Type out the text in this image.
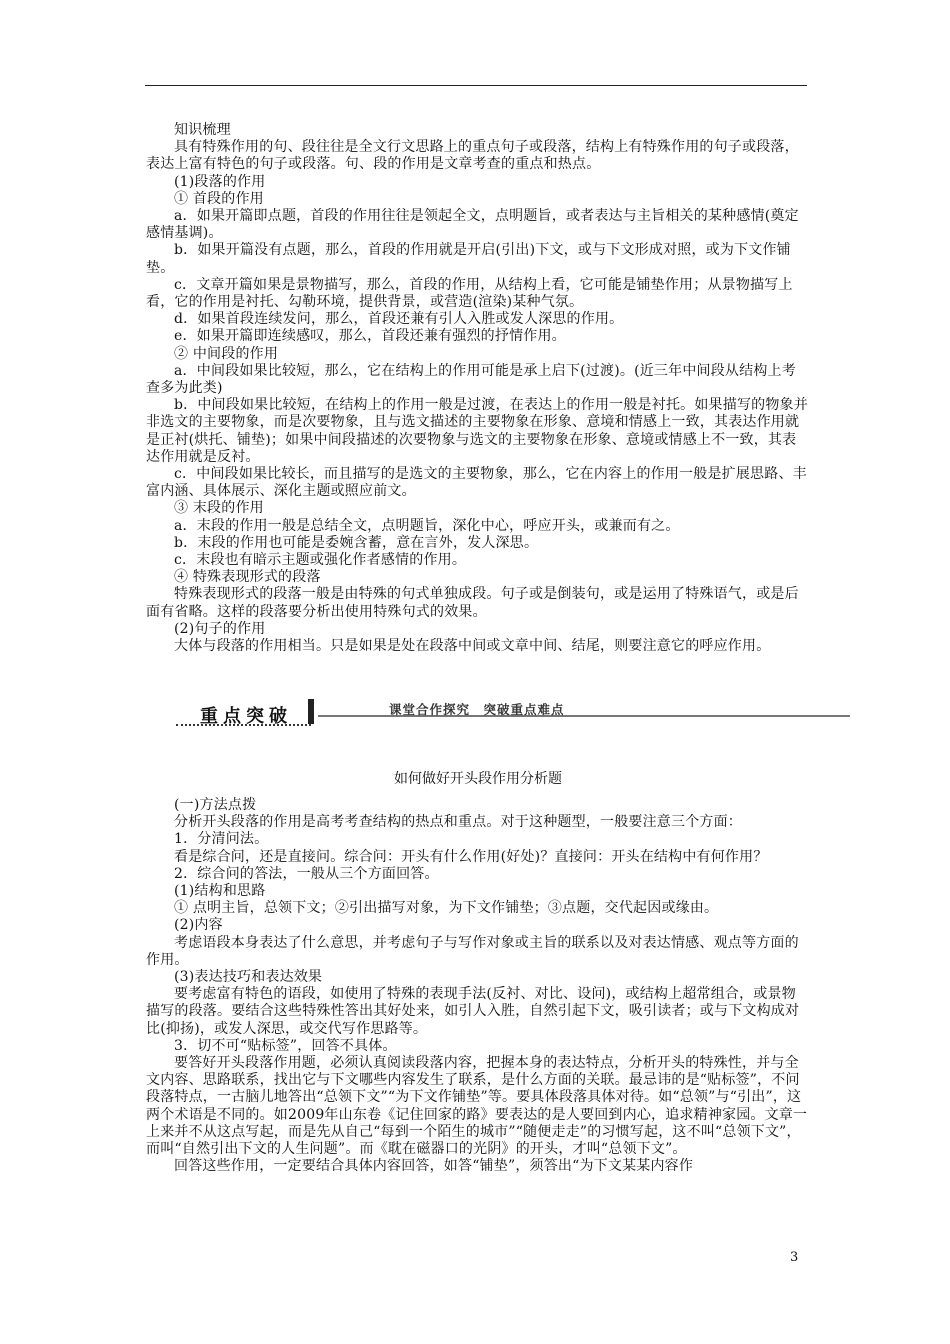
知识梳理

具有特殊作用的句、段往往是全文行文思路上的重点句子或段落，结构上有特殊作用的句子或段落，表达上富有特色的句子或段落。句、段的作用是文章考查的重点和热点。

(1)段落的作用

① 首段的作用

a．如果开篇即点题，首段的作用往往是领起全文，点明题旨，或者表达与主旨相关的某种感情(奠定感情基调)。

b．如果开篇没有点题，那么，首段的作用就是开启(引出)下文，或与下文形成对照，或为下文作铺垫。

c．文章开篇如果是景物描写，那么，首段的作用，从结构上看，它可能是铺垫作用；从景物描写上看，它的作用是衬托、勾勒环境，提供背景，或营造(渲染)某种气氛。

d．如果首段连续发问，那么，首段还兼有引人入胜或发人深思的作用。

e．如果开篇即连续感叹，那么，首段还兼有强烈的抒情作用。

② 中间段的作用

a．中间段如果比较短，那么，它在结构上的作用可能是承上启下(过渡)。(近三年中间段从结构上考查多为此类)

b．中间段如果比较短，在结构上的作用一般是过渡，在表达上的作用一般是衬托。如果描写的物象并非选文的主要物象，而是次要物象，且与选文描述的主要物象在形象、意境和情感上一致，其表达作用就是正衬(烘托、铺垫)；如果中间段描述的次要物象与选文的主要物象在形象、意境或情感上不一致，其表达作用就是反衬。

c．中间段如果比较长，而且描写的是选文的主要物象，那么，它在内容上的作用一般是扩展思路、丰富内涵、具体展示、深化主题或照应前文。

③ 末段的作用

a．末段的作用一般是总结全文，点明题旨，深化中心，呼应开头，或兼而有之。

b．末段的作用也可能是委婉含蓄，意在言外，发人深思。

c．末段也有暗示主题或强化作者感情的作用。

④ 特殊表现形式的段落

特殊表现形式的段落一般是由特殊的句式单独成段。句子或是倒装句，或是运用了特殊语气，或是后面有省略。这样的段落要分析出使用特殊句式的效果。

(2)句子的作用

大体与段落的作用相当。只是如果是处在段落中间或文章中间、结尾，则要注意它的呼应作用。

重点突破	课堂合作探究　突破重点难点
如何做好开头段作用分析题

(一)方法点拨

分析开头段落的作用是高考考查结构的热点和重点。对于这种题型，一般要注意三个方面：

1．分清问法。

看是综合问，还是直接问。综合问：开头有什么作用(好处)？直接问：开头在结构中有何作用？

2．综合问的答法，一般从三个方面回答。

(1)结构和思路

① 点明主旨，总领下文；②引出描写对象，为下文作铺垫；③点题，交代起因或缘由。

(2)内容

考虑语段本身表达了什么意思，并考虑句子与写作对象或主旨的联系以及对表达情感、观点等方面的作用。

(3)表达技巧和表达效果

要考虑富有特色的语段，如使用了特殊的表现手法(反衬、对比、设问)，或结构上超常组合，或景物描写的段落。要结合这些特殊性答出其好处来，如引人入胜，自然引起下文，吸引读者；或与下文构成对比(抑扬)，或发人深思，或交代写作思路等。

3．切不可“贴标签”，回答不具体。

要答好开头段落作用题，必须认真阅读段落内容，把握本身的表达特点，分析开头的特殊性，并与全文内容、思路联系，找出它与下文哪些内容发生了联系，是什么方面的关联。最忌讳的是“贴标签”，不问段落特点，一古脑儿地答出“总领下文”“为下文作铺垫”等。要具体段落具体对待。如“总领”与“引出”，这两个术语是不同的。如2009年山东卷《记住回家的路》要表达的是人要回到内心，追求精神家园。文章一上来并不从这点写起，而是先从自己“每到一个陌生的城市”“随便走走”的习惯写起，这不叫“总领下文”，而叫“自然引出下文的人生问题”。而《耽在磁器口的光阴》的开头，才叫“总领下文”。

回答这些作用，一定要结合具体内容回答，如答“铺垫”，须答出“为下文某某内容作

3
